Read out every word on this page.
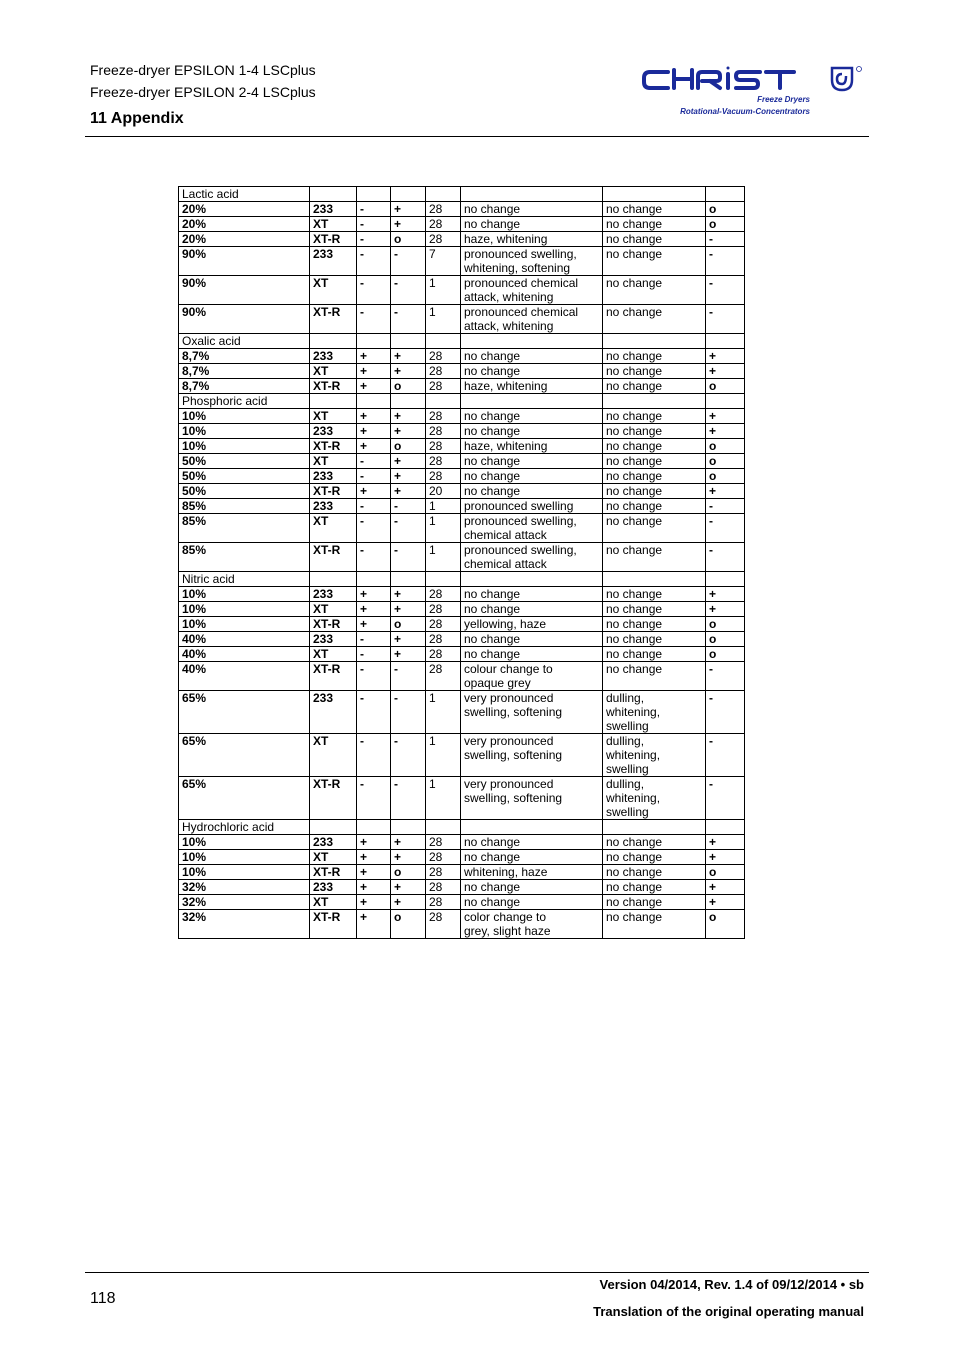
Freeze-dryer EPSILON 1-4 LSCplus
Freeze-dryer EPSILON 2-4 LSCplus
11 Appendix
Freeze Dryers
Rotational-Vacuum-Concentrators
Lactic acid							
20%	233	-	+	28	no change	no change	o
20%	XT	-	+	28	no change	no change	o
20%	XT-R	-	o	28	haze, whitening	no change	-
90%	233	-	-	7	pronounced swelling,
whitening, softening	no change	-
90%	XT	-	-	1	pronounced chemical
attack, whitening	no change	-
90%	XT-R	-	-	1	pronounced chemical
attack, whitening	no change	-
Oxalic acid							
8,7%	233	+	+	28	no change	no change	+
8,7%	XT	+	+	28	no change	no change	+
8,7%	XT-R	+	o	28	haze, whitening	no change	o
Phosphoric acid							
10%	XT	+	+	28	no change	no change	+
10%	233	+	+	28	no change	no change	+
10%	XT-R	+	o	28	haze, whitening	no change	o
50%	XT	-	+	28	no change	no change	o
50%	233	-	+	28	no change	no change	o
50%	XT-R	+	+	20	no change	no change	+
85%	233	-	-	1	pronounced swelling	no change	-
85%	XT	-	-	1	pronounced swelling,
chemical attack	no change	-
85%	XT-R	-	-	1	pronounced swelling,
chemical attack	no change	-
Nitric acid							
10%	233	+	+	28	no change	no change	+
10%	XT	+	+	28	no change	no change	+
10%	XT-R	+	o	28	yellowing, haze	no change	o
40%	233	-	+	28	no change	no change	o
40%	XT	-	+	28	no change	no change	o
40%	XT-R	-	-	28	colour change to
opaque grey	no change	-
65%	233	-	-	1	very pronounced
swelling, softening	dulling,
whitening,
swelling	-
65%	XT	-	-	1	very pronounced
swelling, softening	dulling,
whitening,
swelling	-
65%	XT-R	-	-	1	very pronounced
swelling, softening	dulling,
whitening,
swelling	-
Hydrochloric acid							
10%	233	+	+	28	no change	no change	+
10%	XT	+	+	28	no change	no change	+
10%	XT-R	+	o	28	whitening, haze	no change	o
32%	233	+	+	28	no change	no change	+
32%	XT	+	+	28	no change	no change	+
32%	XT-R	+	o	28	color change to
grey, slight haze	no change	o
118
Version 04/2014, Rev. 1.4 of 09/12/2014 • sb
Translation of the original operating manual
